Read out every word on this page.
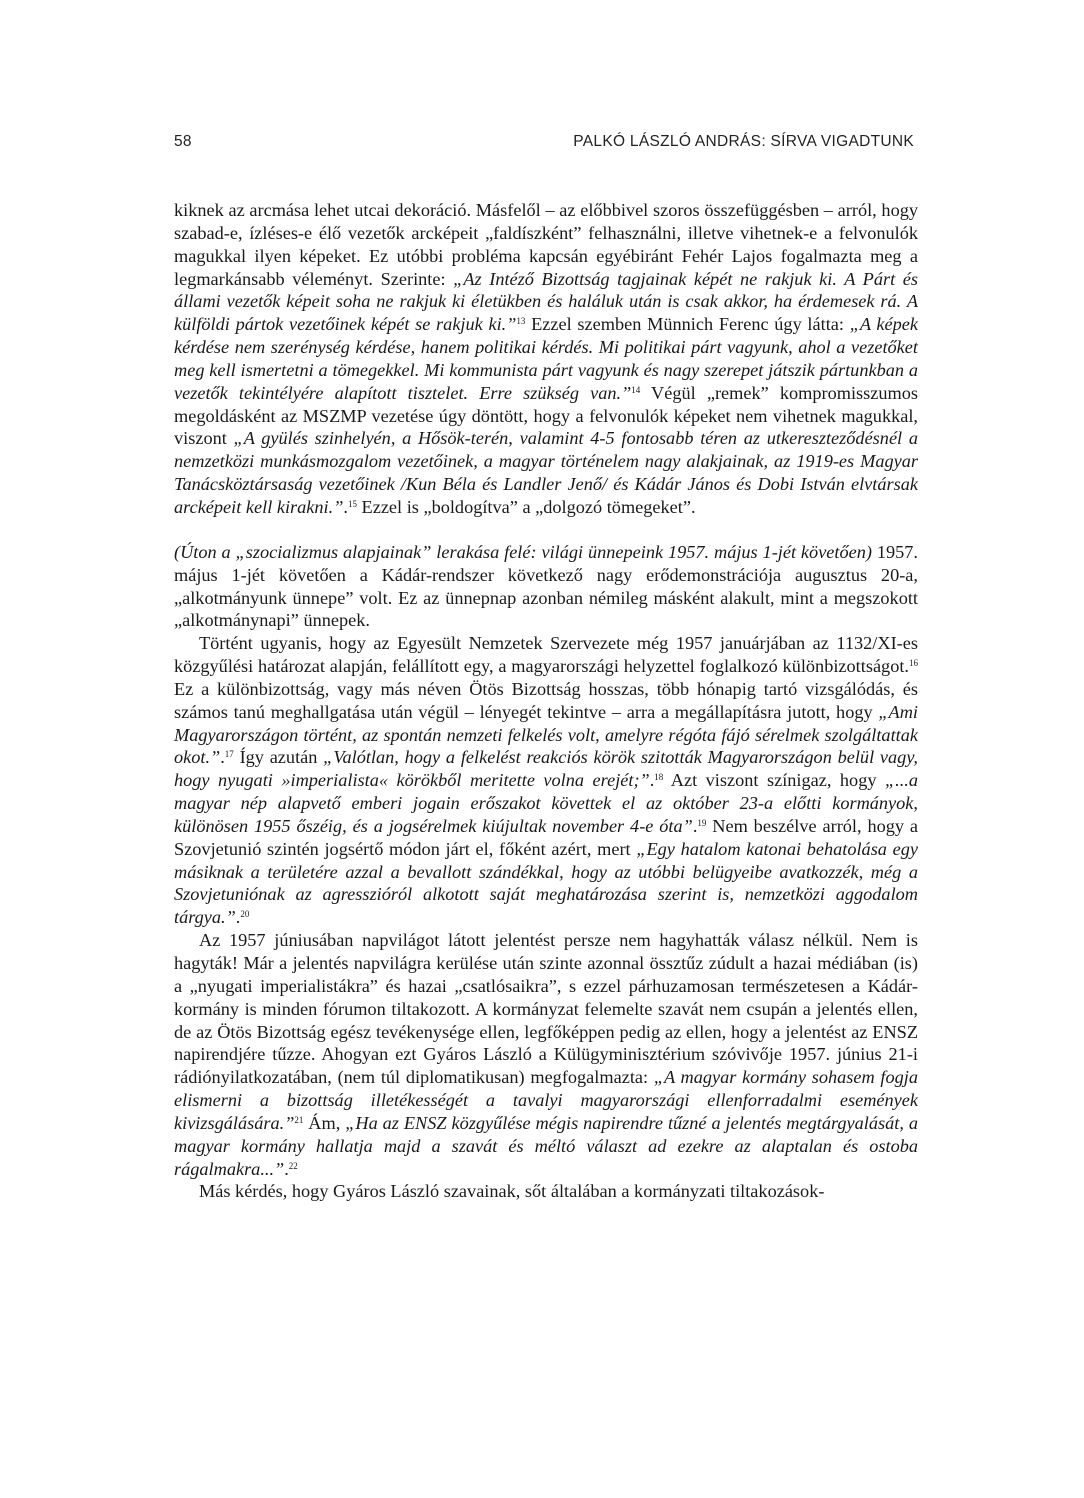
58	PALKÓ LÁSZLÓ ANDRÁS: SÍRVA VIGADTUNK

kiknek az arcmása lehet utcai dekoráció. Másfelől – az előbbivel szoros összefüggésben – arról, hogy szabad-e, ízléses-e élő vezetők arcképeit „faldíszként” felhasználni, illetve vihetnek-e a felvonulók magukkal ilyen képeket. Ez utóbbi probléma kapcsán egyébiránt Fehér Lajos fogalmazta meg a legmarkánsabb véleményt. Szerinte: „Az Intéző Bizottság tagjainak képét ne rakjuk ki. A Párt és állami vezetők képeit soha ne rakjuk ki életükben és haláluk után is csak akkor, ha érdemesek rá. A külföldi pártok vezetőinek képét se rakjuk ki.”$^{13}$ Ezzel szemben Münnich Ferenc úgy látta: „A képek kérdése nem szerénység kérdése, hanem politikai kérdés. Mi politikai párt vagyunk, ahol a vezetőket meg kell ismertetni a tömegekkel. Mi kommunista párt vagyunk és nagy szerepet játszik pártunkban a vezetők tekintélyére alapított tisztelet. Erre szükség van.”$^{14}$ Végül „remek” kompromisszumos megoldásként az MSZMP vezetése úgy döntött, hogy a felvonulók képeket nem vihetnek magukkal, viszont „A gyülés szinhelyén, a Hősök-terén, valamint 4-5 fontosabb téren az utkereszteződésnél a nemzetközi munkásmozgalom vezetőinek, a magyar történelem nagy alakjainak, az 1919-es Magyar Tanácsköztársaság vezetőinek /Kun Béla és Landler Jenő/ és Kádár János és Dobi István elvtársak arcképeit kell kirakni.”.$^{15}$ Ezzel is „boldogítva” a „dolgozó tömegeket”.

(Úton a „szocializmus alapjainak” lerakása felé: világi ünnepeink 1957. május 1-jét követően) 1957. május 1-jét követően a Kádár-rendszer következő nagy erődemonstrációja augusztus 20-a, „alkotmányunk ünnepe” volt. Ez az ünnepnap azonban némileg másként alakult, mint a megszokott „alkotmánynapi” ünnepek.

Történt ugyanis, hogy az Egyesült Nemzetek Szervezete még 1957 januárjában az 1132/XI-es közgyűlési határozat alapján, felállított egy, a magyarországi helyzettel foglalkozó különbizottságot.$^{16}$ Ez a különbizottság, vagy más néven Ötös Bizottság hosszas, több hónapig tartó vizsgálódás, és számos tanú meghallgatása után végül – lényegét tekintve – arra a megállapításra jutott, hogy „Ami Magyarországon történt, az spontán nemzeti felkelés volt, amelyre régóta fájó sérelmek szolgáltattak okot.”.$^{17}$ Így azután „Valótlan, hogy a felkelést reakciós körök szitották Magyarországon belül vagy, hogy nyugati »imperialista« körökből meritette volna erejét;”.$^{18}$ Azt viszont színigaz, hogy „...a magyar nép alapvető emberi jogain erőszakot követtek el az október 23-a előtti kormányok, különösen 1955 őszéig, és a jogsérelmek kiújultak november 4-e óta”.$^{19}$ Nem beszélve arról, hogy a Szovjetunió szintén jogsértő módon járt el, főként azért, mert „Egy hatalom katonai behatolása egy másiknak a területére azzal a bevallott szándékkal, hogy az utóbbi belügyeibe avatkozzék, még a Szovjetuniónak az agresszióról alkotott saját meghatározása szerint is, nemzetközi aggodalom tárgya.”.$^{20}$

Az 1957 júniusában napvilágot látott jelentést persze nem hagyhatták válasz nélkül. Nem is hagyták! Már a jelentés napvilágra kerülése után szinte azonnal össztűz zúdult a hazai médiában (is) a „nyugati imperialistákra” és hazai „csatlósaikra”, s ezzel párhuzamosan természetesen a Kádár-kormány is minden fórumon tiltakozott. A kormányzat felemelte szavát nem csupán a jelentés ellen, de az Ötös Bizottság egész tevékenysége ellen, legfőképpen pedig az ellen, hogy a jelentést az ENSZ napirendjére tűzze. Ahogyan ezt Gyáros László a Külügyminisztérium szóvivője 1957. június 21-i rádiónyilatkozatában, (nem túl diplomatikusan) megfogalmazta: „A magyar kormány sohasem fogja elismerni a bizottság illetékességét a tavalyi magyarországi ellenforradalmi események kivizsgálására.”$^{21}$ Ám, „Ha az ENSZ közgyűlése mégis napirendre tűzné a jelentés megtárgyalását, a magyar kormány hallatja majd a szavát és méltó választ ad ezekre az alaptalan és ostoba rágalmakra...”.$^{22}$

Más kérdés, hogy Gyáros László szavainak, sőt általában a kormányzati tiltakozások-
